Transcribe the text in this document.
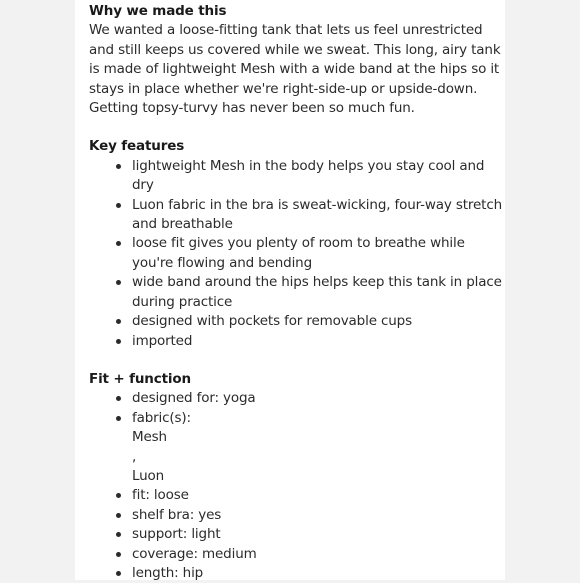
Why we made this

We wanted a loose-fitting tank that lets us feel unrestricted and still keeps us covered while we sweat. This long, airy tank is made of lightweight Mesh with a wide band at the hips so it stays in place whether we're right-side-up or upside-down. Getting topsy-turvy has never been so much fun.

Key features

lightweight Mesh in the body helps you stay cool and dry
Luon fabric in the bra is sweat-wicking, four-way stretch and breathable
loose fit gives you plenty of room to breathe while you're flowing and bending
wide band around the hips helps keep this tank in place during practice
designed with pockets for removable cups
imported

Fit + function

designed for: yoga
fabric(s):
Mesh
,
Luon
fit: loose
shelf bra: yes
support: light
coverage: medium
length: hip
